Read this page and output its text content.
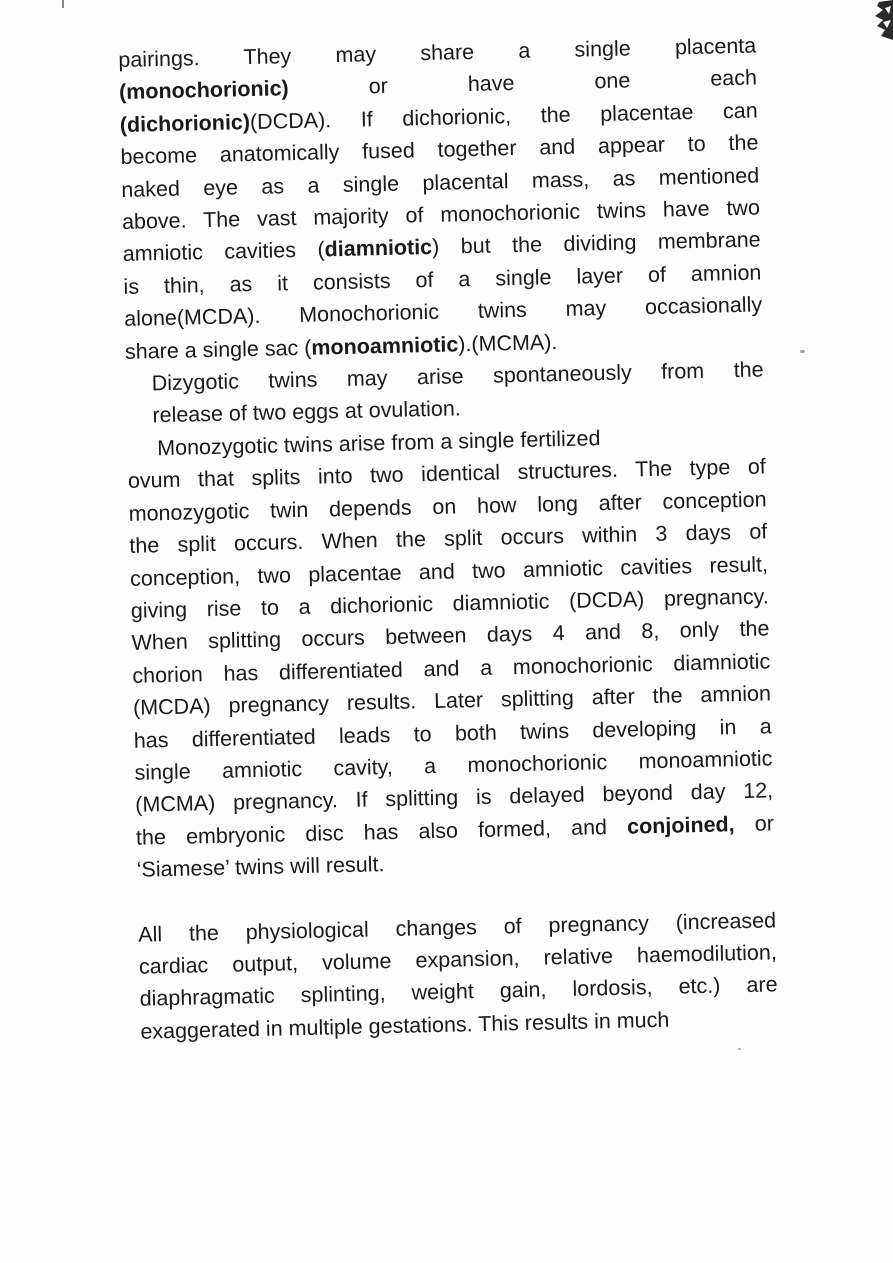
pairings. They may share a single placenta
(monochorionic) or have one each
(dichorionic)(DCDA). If dichorionic, the placentae can
become anatomically fused together and appear to the
naked eye as a single placental mass, as mentioned
above. The vast majority of monochorionic twins have two
amniotic cavities (diamniotic) but the dividing membrane
is thin, as it consists of a single layer of amnion
alone(MCDA). Monochorionic twins may occasionally
share a single sac (monoamniotic).(MCMA).
Dizygotic twins may arise spontaneously from the
release of two eggs at ovulation.
Monozygotic twins arise from a single fertilized
ovum that splits into two identical structures. The type of
monozygotic twin depends on how long after conception
the split occurs. When the split occurs within 3 days of
conception, two placentae and two amniotic cavities result,
giving rise to a dichorionic diamniotic (DCDA) pregnancy.
When splitting occurs between days 4 and 8, only the
chorion has differentiated and a monochorionic diamniotic
(MCDA) pregnancy results. Later splitting after the amnion
has differentiated leads to both twins developing in a
single amniotic cavity, a monochorionic monoamniotic
(MCMA) pregnancy. If splitting is delayed beyond day 12,
the embryonic disc has also formed, and conjoined, or
‘Siamese’ twins will result.
All the physiological changes of pregnancy (increased
cardiac output, volume expansion, relative haemodilution,
diaphragmatic splinting, weight gain, lordosis, etc.) are
exaggerated in multiple gestations. This results in much
